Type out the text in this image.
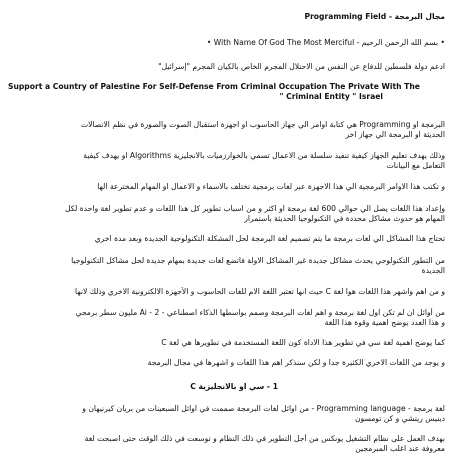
مجال البرمجة - Programming Field

• بسم الله الرحمن الرحيم - With Name Of God The Most Merciful •

ادعم دولة فلسطين للدفاع عن النفس من الاحتلال المجرم الخاص بالكيان المجرم "إسرائيل"

Support a Country of Palestine For Self-Defense From Criminal Occupation The Private With The

Criminal Entity " Israel "

البرمجة او Programming هي كتابة اوامر الي جهاز الحاسوب او اجهزة استقبال الصوت والصورة في نظم الاتصالات

الحديثة او البرمجة الي جهاز اخر

وذلك يهدف تعليم الجهاز كيفية تنفيذ سلسلة من الاعمال تسمي بالخوارزميات بالانجليزية Algorithms او يهدف كيفية

التعامل مع البيانات

و تكتب هذا الاوامر البرمجية الي هذا الاجهزة عبر لغات برمجية تختلف بالاسماء و الاعمال او المهام المخترعة الها

وإعداد هذا اللغات يصل الي حوالي 600 لغة برمجة او اكثر و من اسباب تطوير كل هذا اللغات و عدم تطوير لغة واحدة لكل

المهام هو حدوث مشاكل محددة في التكنولوجيا الحديثة باستمرار

تحتاج هذا المشاكل الي لغات برمجة ما يتم تصميم لغة البرمجة لحل المشكلة التكنولوجية الجديدة وبعد مدة اخري

من التطور التكنولوجي يحدث مشاكل جديدة غير المشاكل الاولة فاتضع لغات جديدة بمهام جديدة لحل مشاكل التكنولوجيا

الجديدة

و من اهم واشهر هذا اللغات هوا لغة C حيث انها تعتبر اللغة الام للغات الحاسوب و الأجهزة الالكترونية الاخري وذلك لانها

من أوائل ان لم تكن اول لغة برمجة و اهم لغات البرمجة وصمم بواسطها الذكاء اصطناعي - Ai - 2 مليون سطر برمجي

و هذا العدد يوضح اهمية وقوة هذا اللغة

كما يوضح اهمية لغة سي في تطوير هذا الاداة كون اللغة المستخدمة في تطويرها هي لغة C

و يوجد من اللغات الاخري الكثيرة جدا و لكن سنذكر اهم هذا اللغات و اشهرها في مجال البرمجة

1 - سي او بالانجليزية C

لغة برمجة - Programming language - من اوائل لغات البرمجة صممت في اوائل السبعينات من بريان كيرنيهان و

دينيس ريتشي و كن تومسون

بهدف العمل على نظام التشغيل يونكس من أجل التطوير في ذلك النظام و توسعت في ذلك الوقت حتى اصبحت لغة

معروفة عند اغلب المبرمجين
